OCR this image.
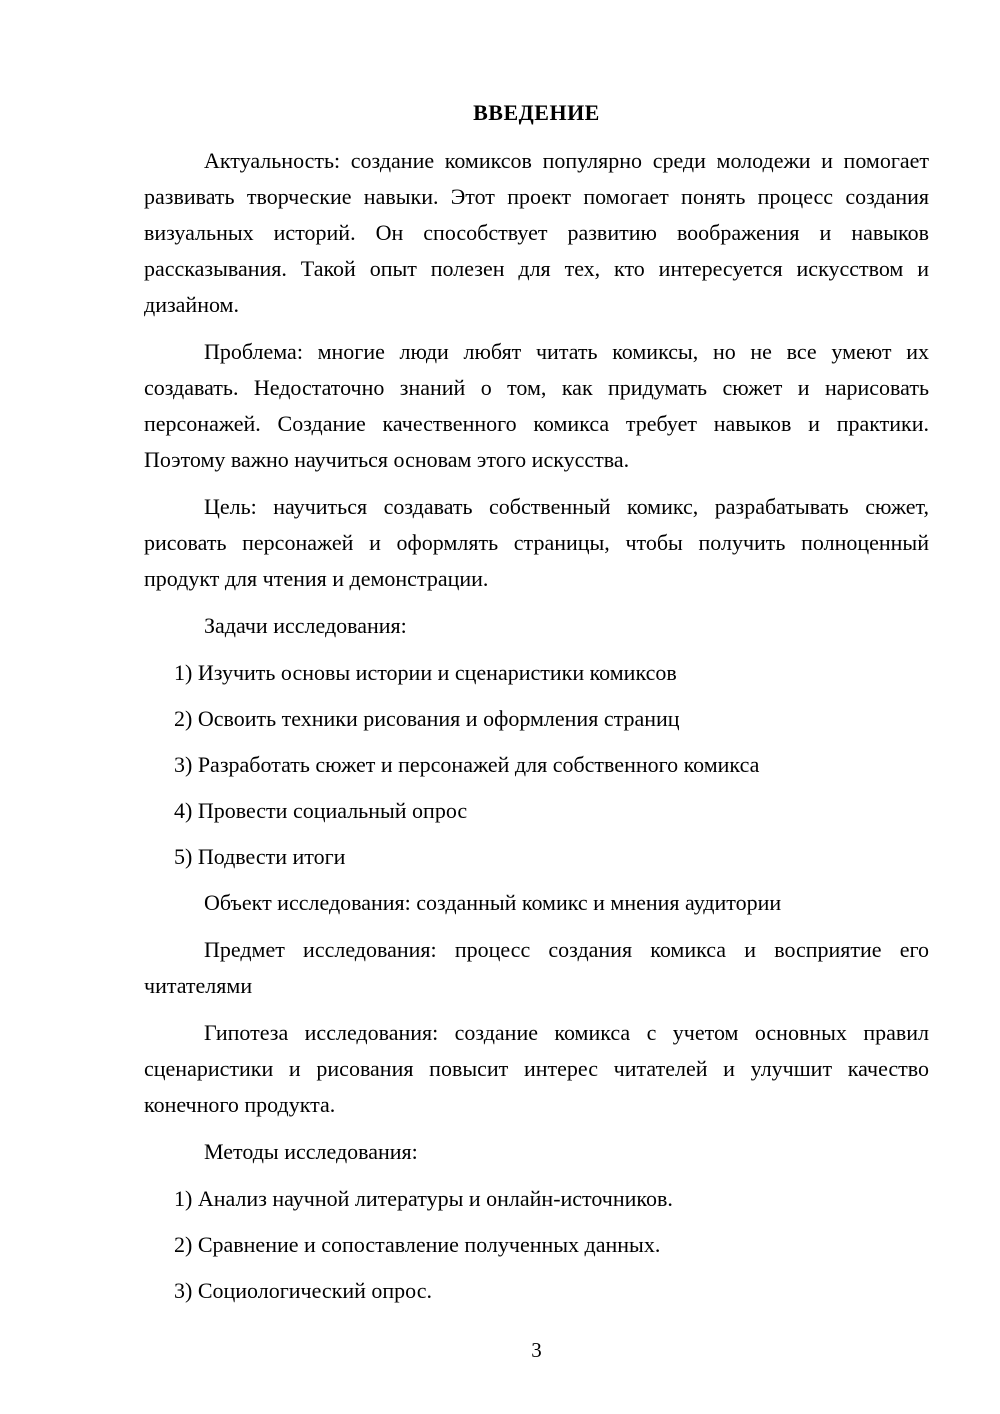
ВВЕДЕНИЕ

Актуальность: создание комиксов популярно среди молодежи и помогает развивать творческие навыки. Этот проект помогает понять процесс создания визуальных историй. Он способствует развитию воображения и навыков рассказывания. Такой опыт полезен для тех, кто интересуется искусством и дизайном.

Проблема: многие люди любят читать комиксы, но не все умеют их создавать. Недостаточно знаний о том, как придумать сюжет и нарисовать персонажей. Создание качественного комикса требует навыков и практики. Поэтому важно научиться основам этого искусства.

Цель: научиться создавать собственный комикс, разрабатывать сюжет, рисовать персонажей и оформлять страницы, чтобы получить полноценный продукт для чтения и демонстрации.

Задачи исследования:

1) Изучить основы истории и сценаристики комиксов

2) Освоить техники рисования и оформления страниц

3) Разработать сюжет и персонажей для собственного комикса

4) Провести социальный опрос

5) Подвести итоги

Объект исследования: созданный комикс и мнения аудитории

Предмет исследования: процесс создания комикса и восприятие его читателями

Гипотеза исследования: создание комикса с учетом основных правил сценаристики и рисования повысит интерес читателей и улучшит качество конечного продукта.

Методы исследования:

1) Анализ научной литературы и онлайн-источников.

2) Сравнение и сопоставление полученных данных.

3) Социологический опрос.

3
